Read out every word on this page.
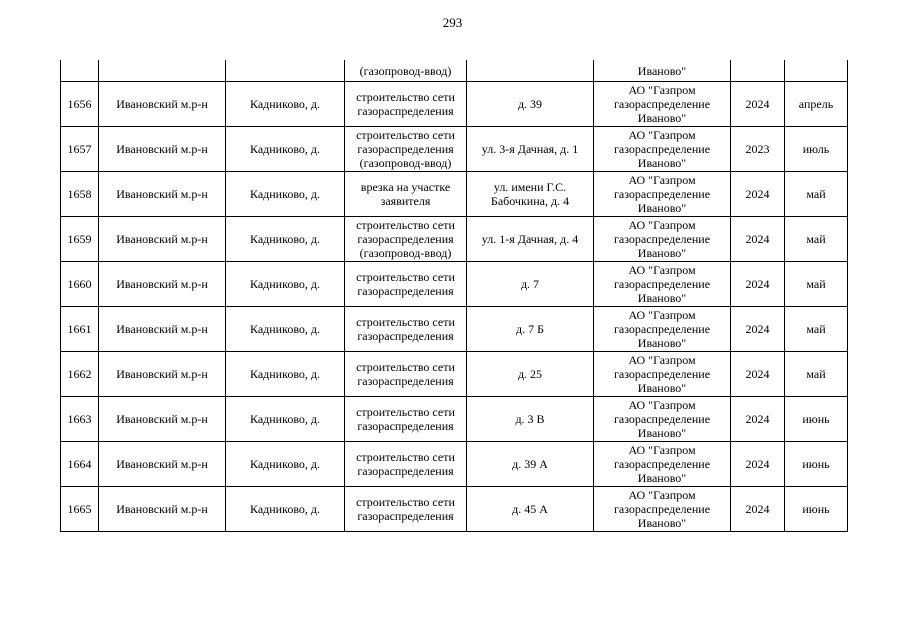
293
			(газопровод-ввод)		Иваново"		
1656	Ивановский м.р-н	Кадниково, д.	строительство сети газораспределения	д. 39	АО "Газпром газораспределение Иваново"	2024	апрель
1657	Ивановский м.р-н	Кадниково, д.	строительство сети газораспределения (газопровод-ввод)	ул. 3-я Дачная, д. 1	АО "Газпром газораспределение Иваново"	2023	июль
1658	Ивановский м.р-н	Кадниково, д.	врезка на участке заявителя	ул. имени Г.С. Бабочкина, д. 4	АО "Газпром газораспределение Иваново"	2024	май
1659	Ивановский м.р-н	Кадниково, д.	строительство сети газораспределения (газопровод-ввод)	ул. 1-я Дачная, д. 4	АО "Газпром газораспределение Иваново"	2024	май
1660	Ивановский м.р-н	Кадниково, д.	строительство сети газораспределения	д. 7	АО "Газпром газораспределение Иваново"	2024	май
1661	Ивановский м.р-н	Кадниково, д.	строительство сети газораспределения	д. 7 Б	АО "Газпром газораспределение Иваново"	2024	май
1662	Ивановский м.р-н	Кадниково, д.	строительство сети газораспределения	д. 25	АО "Газпром газораспределение Иваново"	2024	май
1663	Ивановский м.р-н	Кадниково, д.	строительство сети газораспределения	д. 3 В	АО "Газпром газораспределение Иваново"	2024	июнь
1664	Ивановский м.р-н	Кадниково, д.	строительство сети газораспределения	д. 39 А	АО "Газпром газораспределение Иваново"	2024	июнь
1665	Ивановский м.р-н	Кадниково, д.	строительство сети газораспределения	д. 45 А	АО "Газпром газораспределение Иваново"	2024	июнь
